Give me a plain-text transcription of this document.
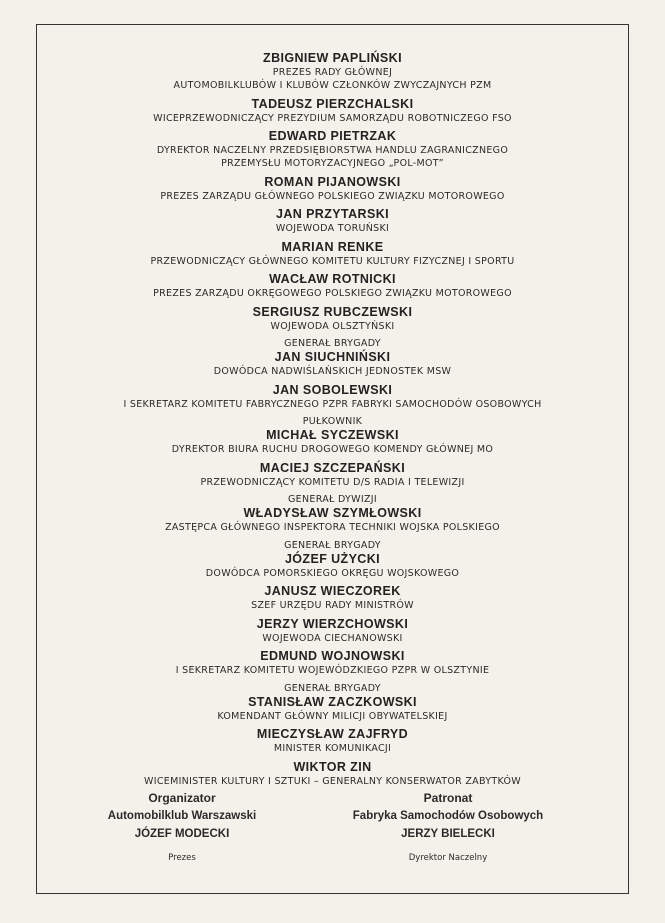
ZBIGNIEW PAPLIŃSKI
PREZES RADY GŁÓWNEJ
AUTOMOBILKLUBÓW I KLUBÓW CZŁONKÓW ZWYCZAJNYCH PZM
TADEUSZ PIERZCHALSKI
WICEPRZEWODNICZĄCY PREZYDIUM SAMORZĄDU ROBOTNICZEGO FSO
EDWARD PIETRZAK
DYREKTOR NACZELNY PRZEDSIĘBIORSTWA HANDLU ZAGRANICZNEGO
PRZEMYSŁU MOTORYZACYJNEGO „POL-MOT”
ROMAN PIJANOWSKI
PREZES ZARZĄDU GŁÓWNEGO POLSKIEGO ZWIĄZKU MOTOROWEGO
JAN PRZYTARSKI
WOJEWODA TORUŃSKI
MARIAN RENKE
PRZEWODNICZĄCY GŁÓWNEGO KOMITETU KULTURY FIZYCZNEJ I SPORTU
WACŁAW ROTNICKI
PREZES ZARZĄDU OKRĘGOWEGO POLSKIEGO ZWIĄZKU MOTOROWEGO
SERGIUSZ RUBCZEWSKI
WOJEWODA OLSZTYŃSKI
GENERAŁ BRYGADY
JAN SIUCHNIŃSKI
DOWÓDCA NADWIŚLAŃSKICH JEDNOSTEK MSW
JAN SOBOLEWSKI
I SEKRETARZ KOMITETU FABRYCZNEGO PZPR FABRYKI SAMOCHODÓW OSOBOWYCH
PUŁKOWNIK
MICHAŁ SYCZEWSKI
DYREKTOR BIURA RUCHU DROGOWEGO KOMENDY GŁÓWNEJ MO
MACIEJ SZCZEPAŃSKI
PRZEWODNICZĄCY KOMITETU D/S RADIA I TELEWIZJI
GENERAŁ DYWIZJI
WŁADYSŁAW SZYMŁOWSKI
ZASTĘPCA GŁÓWNEGO INSPEKTORA TECHNIKI WOJSKA POLSKIEGO
GENERAŁ BRYGADY
JÓZEF UŻYCKI
DOWÓDCA POMORSKIEGO OKRĘGU WOJSKOWEGO
JANUSZ WIECZOREK
SZEF URZĘDU RADY MINISTRÓW
JERZY WIERZCHOWSKI
WOJEWODA CIECHANOWSKI
EDMUND WOJNOWSKI
I SEKRETARZ KOMITETU WOJEWÓDZKIEGO PZPR W OLSZTYNIE
GENERAŁ BRYGADY
STANISŁAW ZACZKOWSKI
KOMENDANT GŁÓWNY MILICJI OBYWATELSKIEJ
MIECZYSŁAW ZAJFRYD
MINISTER KOMUNIKACJI
WIKTOR ZIN
WICEMINISTER KULTURY I SZTUKI – GENERALNY KONSERWATOR ZABYTKÓW
Organizator
Automobilklub Warszawski
JÓZEF MODECKI
Prezes
Patronat
Fabryka Samochodów Osobowych
JERZY BIELECKI
Dyrektor Naczelny
